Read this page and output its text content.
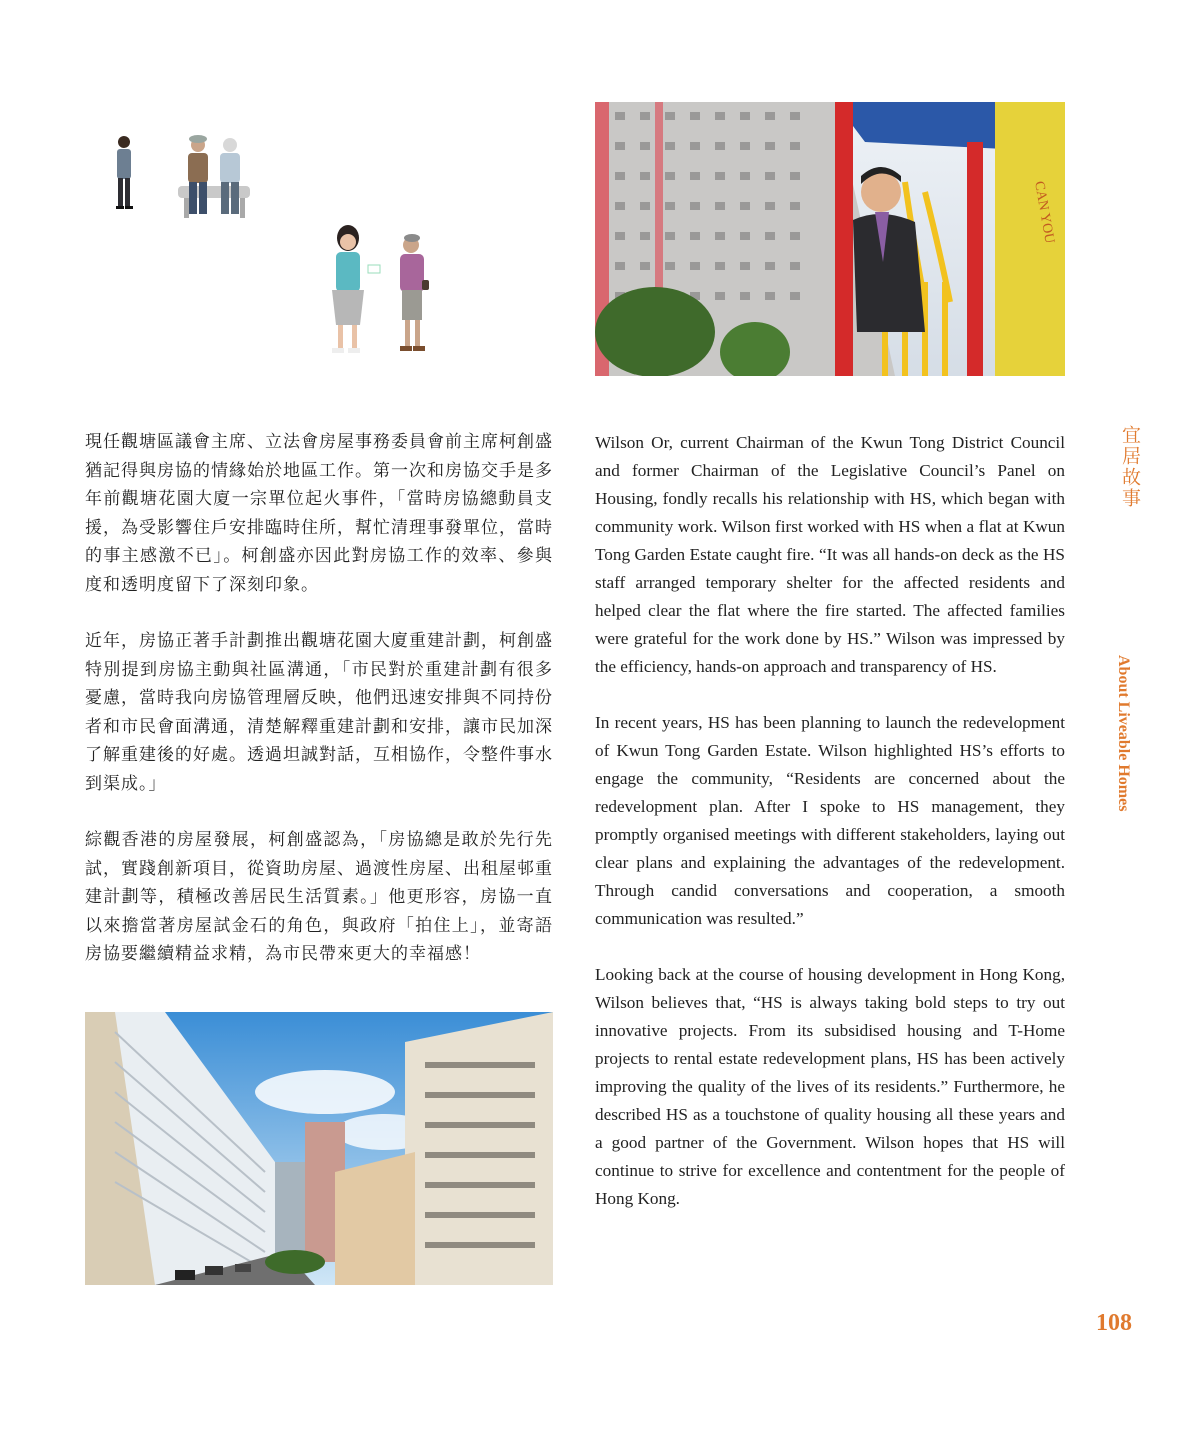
CAN YOU

現任觀塘區議會主席、立法會房屋事務委員會前主席柯創盛猶記得與房協的情緣始於地區工作。第一次和房協交手是多年前觀塘花園大廈一宗單位起火事件，「當時房協總動員支援，為受影響住戶安排臨時住所，幫忙清理事發單位，當時的事主感激不已」。柯創盛亦因此對房協工作的效率、參與度和透明度留下了深刻印象。

近年，房協正著手計劃推出觀塘花園大廈重建計劃，柯創盛特別提到房協主動與社區溝通，「市民對於重建計劃有很多憂慮，當時我向房協管理層反映，他們迅速安排與不同持份者和市民會面溝通，清楚解釋重建計劃和安排，讓市民加深了解重建後的好處。透過坦誠對話，互相協作，令整件事水到渠成。」

綜觀香港的房屋發展，柯創盛認為，「房協總是敢於先行先試，實踐創新項目，從資助房屋、過渡性房屋、出租屋邨重建計劃等，積極改善居民生活質素。」他更形容，房協一直以來擔當著房屋試金石的角色，與政府「拍住上」，並寄語房協要繼續精益求精，為市民帶來更大的幸福感！

Wilson Or, current Chairman of the Kwun Tong District Council and former Chairman of the Legislative Council’s Panel on Housing, fondly recalls his relationship with HS, which began with community work. Wilson first worked with HS when a flat at Kwun Tong Garden Estate caught fire. “It was all hands-on deck as the HS staff arranged temporary shelter for the affected residents and helped clear the flat where the fire started. The affected families were grateful for the work done by HS.” Wilson was impressed by the efficiency, hands-on approach and transparency of HS.

In recent years, HS has been planning to launch the redevelopment of Kwun Tong Garden Estate. Wilson highlighted HS’s efforts to engage the community, “Residents are concerned about the redevelopment plan. After I spoke to HS management, they promptly organised meetings with different stakeholders, laying out clear plans and explaining the advantages of the redevelopment. Through candid conversations and cooperation, a smooth communication was resulted.”

Looking back at the course of housing development in Hong Kong, Wilson believes that, “HS is always taking bold steps to try out innovative projects. From its subsidised housing and T-Home projects to rental estate redevelopment plans, HS has been actively improving the quality of the lives of its residents.” Furthermore, he described HS as a touchstone of quality housing all these years and a good partner of the Government. Wilson hopes that HS will continue to strive for excellence and contentment for the people of Hong Kong.

宜居故事
About Liveable Homes
108
